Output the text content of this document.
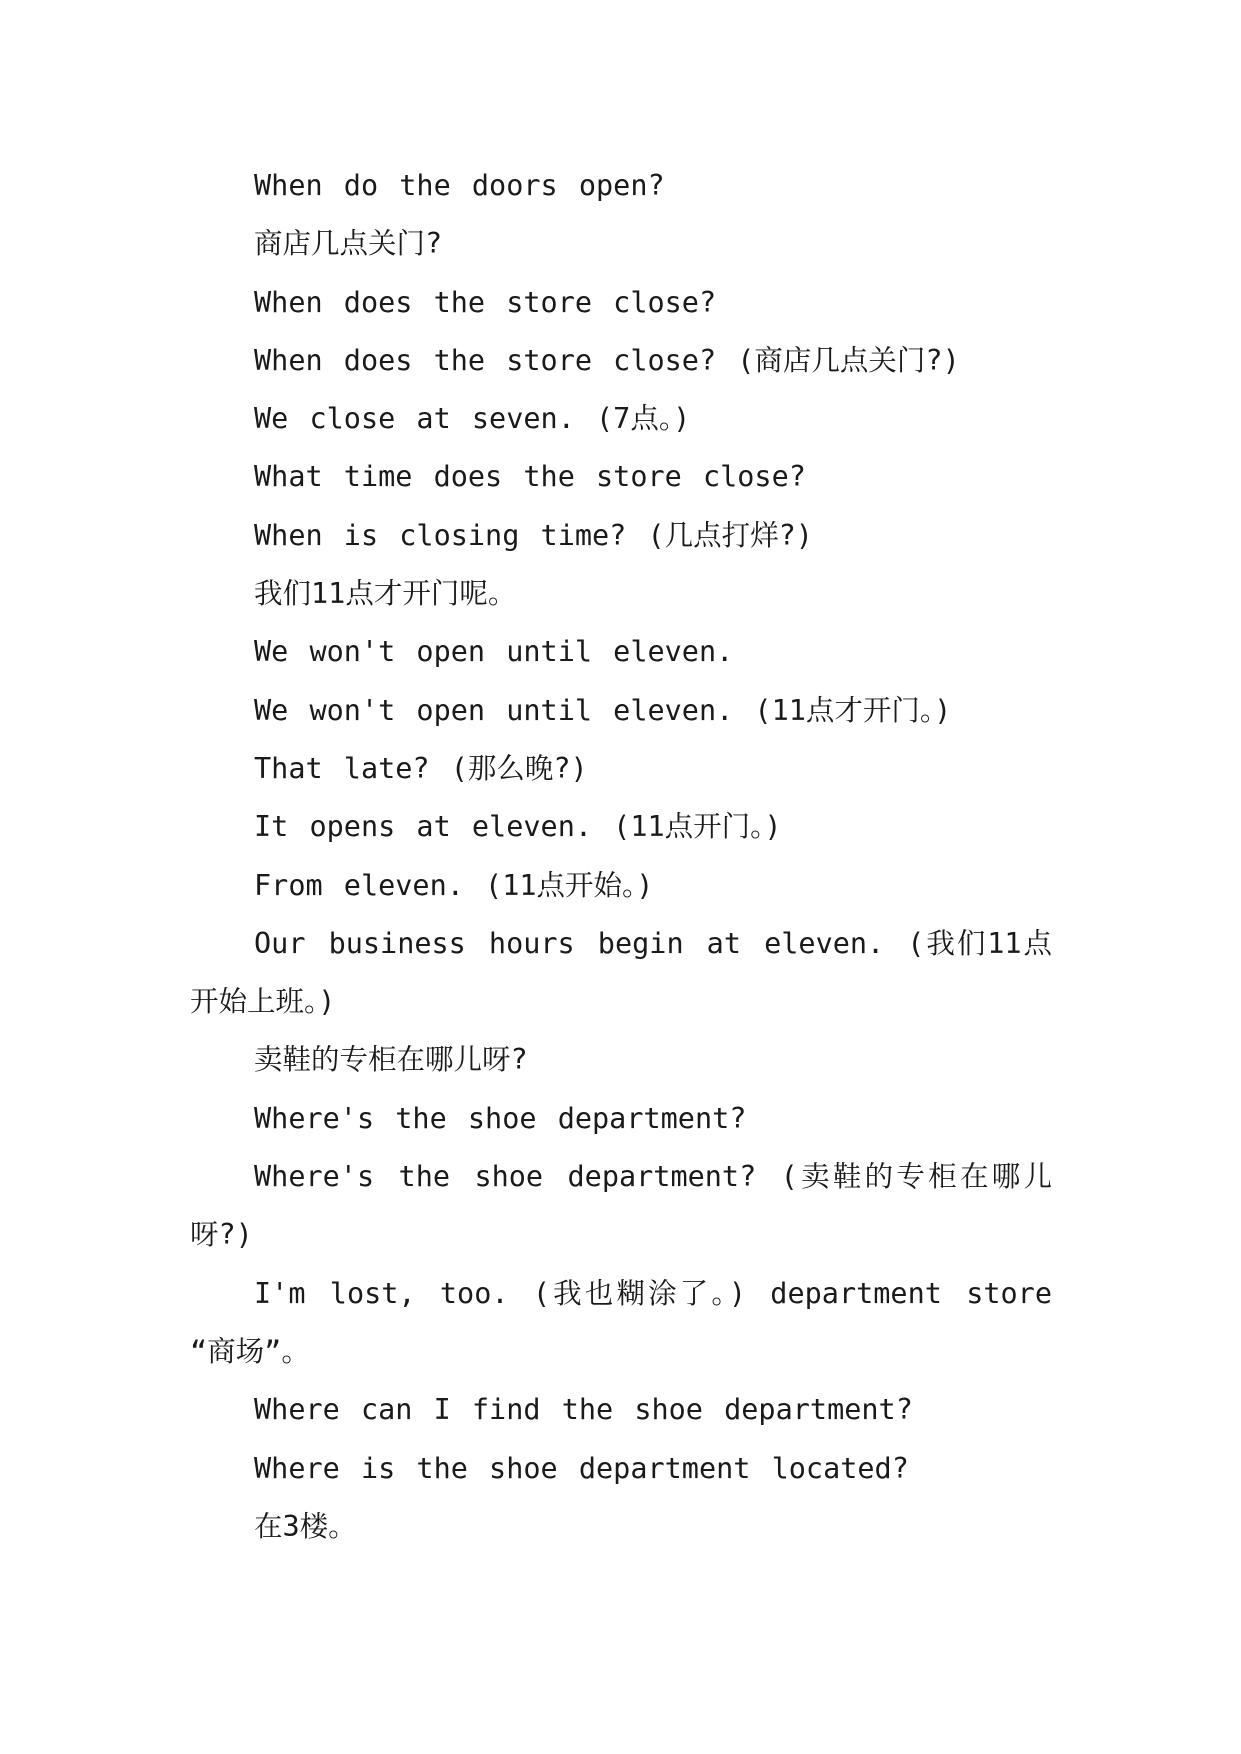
When do the doors open?

商店几点关门?

When does the store close?

When does the store close? (商店几点关门?)

We close at seven. (7点。)

What time does the store close?

When is closing time? (几点打烊?)

我们11点才开门呢。

We won't open until eleven.

We won't open until eleven. (11点才开门。)

That late? (那么晚?)

It opens at eleven. (11点开门。)

From eleven. (11点开始。)

Our business hours begin at eleven. (我们11点开始上班。)

卖鞋的专柜在哪儿呀?

Where's the shoe department?

Where's the shoe department? (卖鞋的专柜在哪儿呀?)

I'm lost, too. (我也糊涂了。) department store “商场”。

Where can I find the shoe department?

Where is the shoe department located?

在3楼。
